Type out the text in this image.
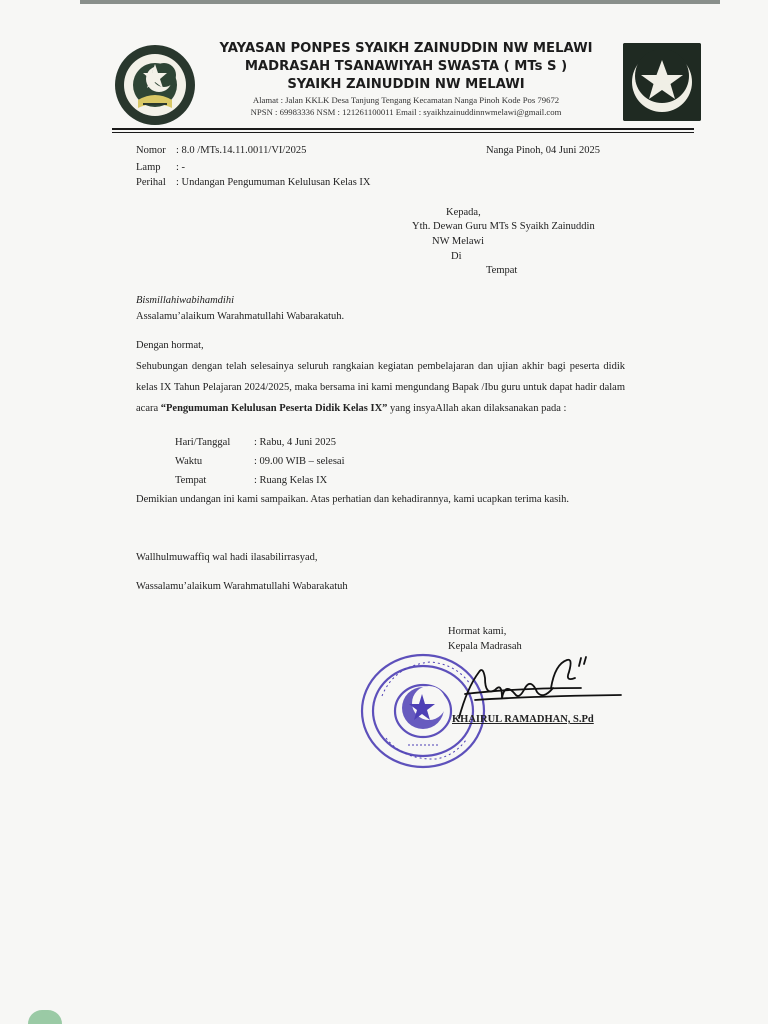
YAYASAN PONPES SYAIKH ZAINUDDIN NW MELAWI
MADRASAH TSANAWIYAH SWASTA ( MTs S )
SYAIKH ZAINUDDIN NW MELAWI
Alamat : Jalan KKLK Desa Tanjung Tengang Kecamatan Nanga Pinoh Kode Pos 79672
NPSN : 69983336 NSM : 121261100011 Email : syaikhzainuddinnwmelawi@gmail.com
Nomor : 8.0 /MTs.14.11.0011/VI/2025	Nanga Pinoh, 04 Juni 2025
Lamp : -
Perihal : Undangan Pengumuman Kelulusan Kelas IX
Kepada,
Yth. Dewan Guru MTs S Syaikh Zainuddin
NW Melawi
Di
Tempat
Bismillahiwabihamdihi
Assalamu’alaikum Warahmatullahi Wabarakatuh.
Dengan hormat,
Sehubungan dengan telah selesainya seluruh rangkaian kegiatan pembelajaran dan ujian akhir bagi peserta didik kelas IX Tahun Pelajaran 2024/2025, maka bersama ini kami mengundang Bapak /Ibu guru untuk dapat hadir dalam acara “Pengumuman Kelulusan Peserta Didik Kelas IX” yang insyaAllah akan dilaksanakan pada :
Hari/Tanggal : Rabu, 4 Juni 2025
Waktu	: 09.00 WIB – selesai
Tempat	: Ruang Kelas IX
Demikian undangan ini kami sampaikan. Atas perhatian dan kehadirannya, kami ucapkan terima kasih.
Wallhulmuwaffiq wal hadi ilasabilirrasyad,
Wassalamu’alaikum Warahmatullahi Wabarakatuh
Hormat kami,
Kepala Madrasah
KHAIRUL RAMADHAN, S.Pd
